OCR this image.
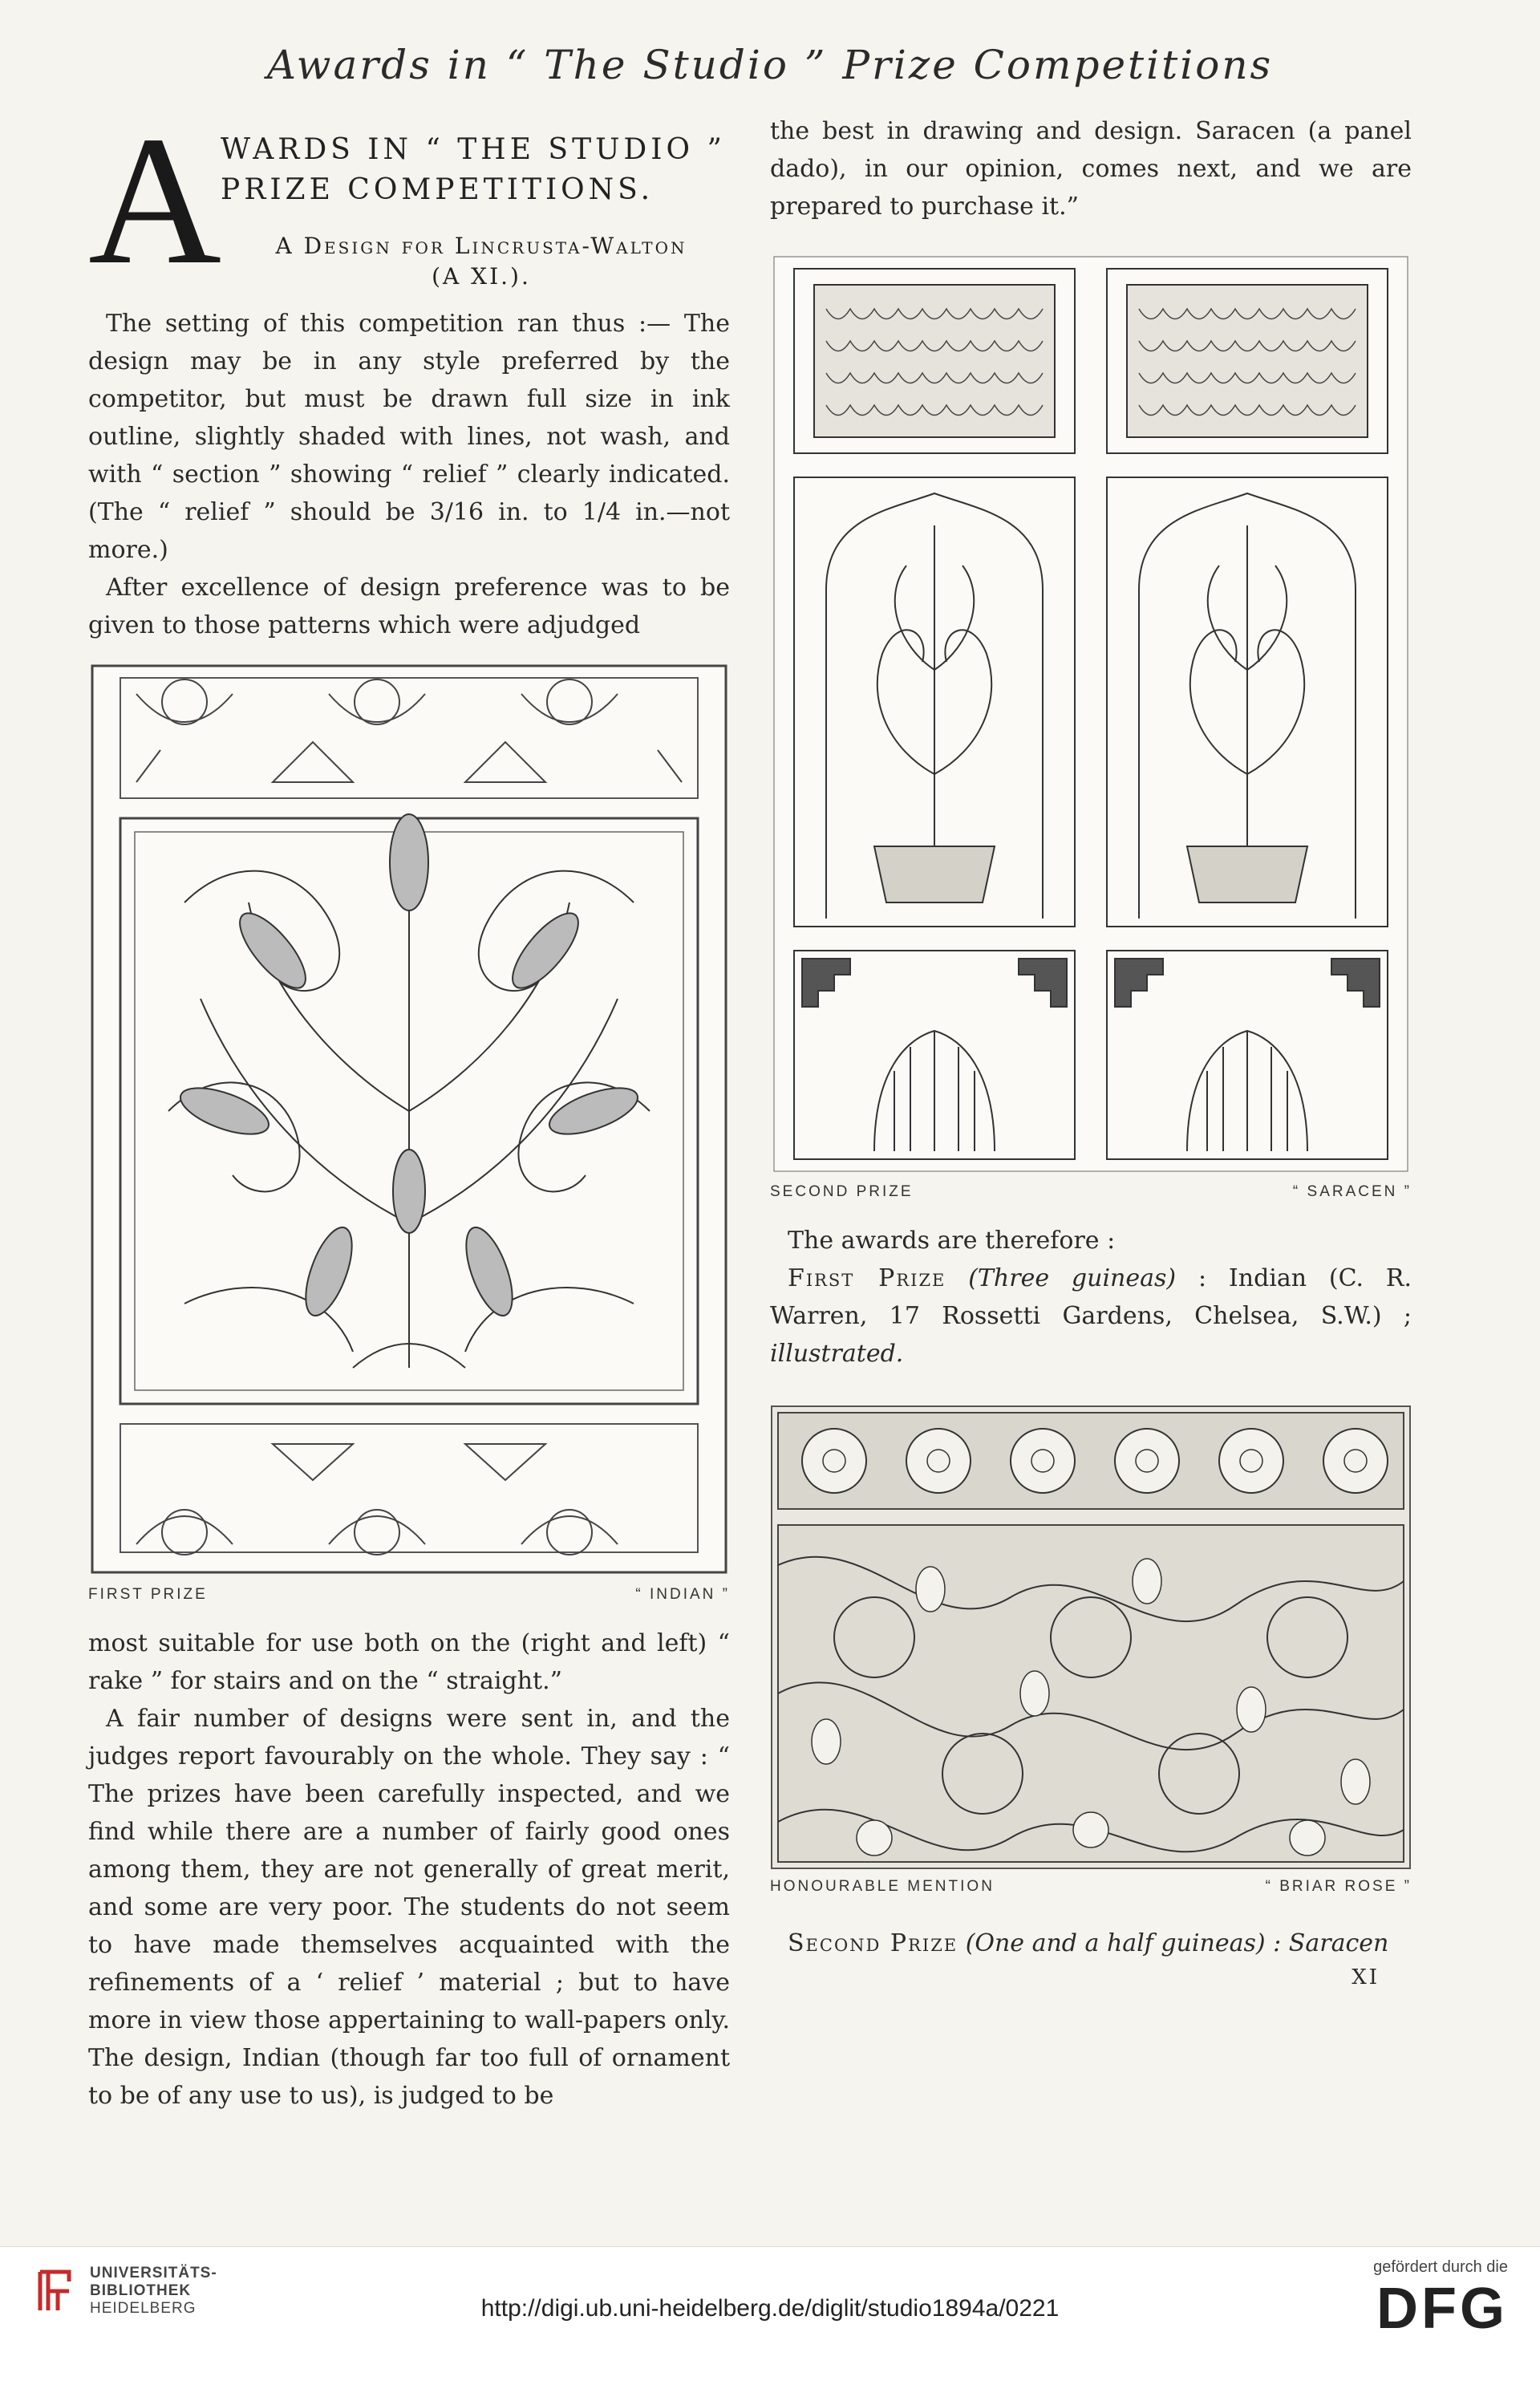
Awards in “ The Studio ” Prize Competitions
A
WARDS IN “ THE STUDIO ” PRIZE COMPETITIONS.
A Design for Lincrusta-Walton
(A XI.).

The setting of this competition ran thus :— The design may be in any style preferred by the competitor, but must be drawn full size in ink outline, slightly shaded with lines, not wash, and with “ section ” showing “ relief ” clearly indicated. (The “ relief ” should be 3/16 in. to 1/4 in.—not more.)

After excellence of design preference was to be given to those patterns which were adjudged

FIRST PRIZE	“ INDIAN ”

most suitable for use both on the (right and left) “ rake ” for stairs and on the “ straight.”

A fair number of designs were sent in, and the judges report favourably on the whole. They say : “ The prizes have been carefully inspected, and we find while there are a number of fairly good ones among them, they are not generally of great merit, and some are very poor. The students do not seem to have made themselves acquainted with the refinements of a ‘ relief ’ material ; but to have more in view those appertaining to wall-papers only. The design, Indian (though far too full of ornament to be of any use to us), is judged to be

the best in drawing and design. Saracen (a panel dado), in our opinion, comes next, and we are prepared to purchase it.”

SECOND PRIZE	“ SARACEN ”

The awards are therefore :

First Prize (Three guineas) : Indian (C. R. Warren, 17 Rossetti Gardens, Chelsea, S.W.) ; illustrated.

HONOURABLE MENTION	“ BRIAR ROSE ”

Second Prize (One and a half guineas) : Saracen

XI
UNIVERSITÄTS-
BIBLIOTHEK
HEIDELBERG	http://digi.ub.uni-heidelberg.de/diglit/studio1894a/0221
gefördert durch die
DFG
